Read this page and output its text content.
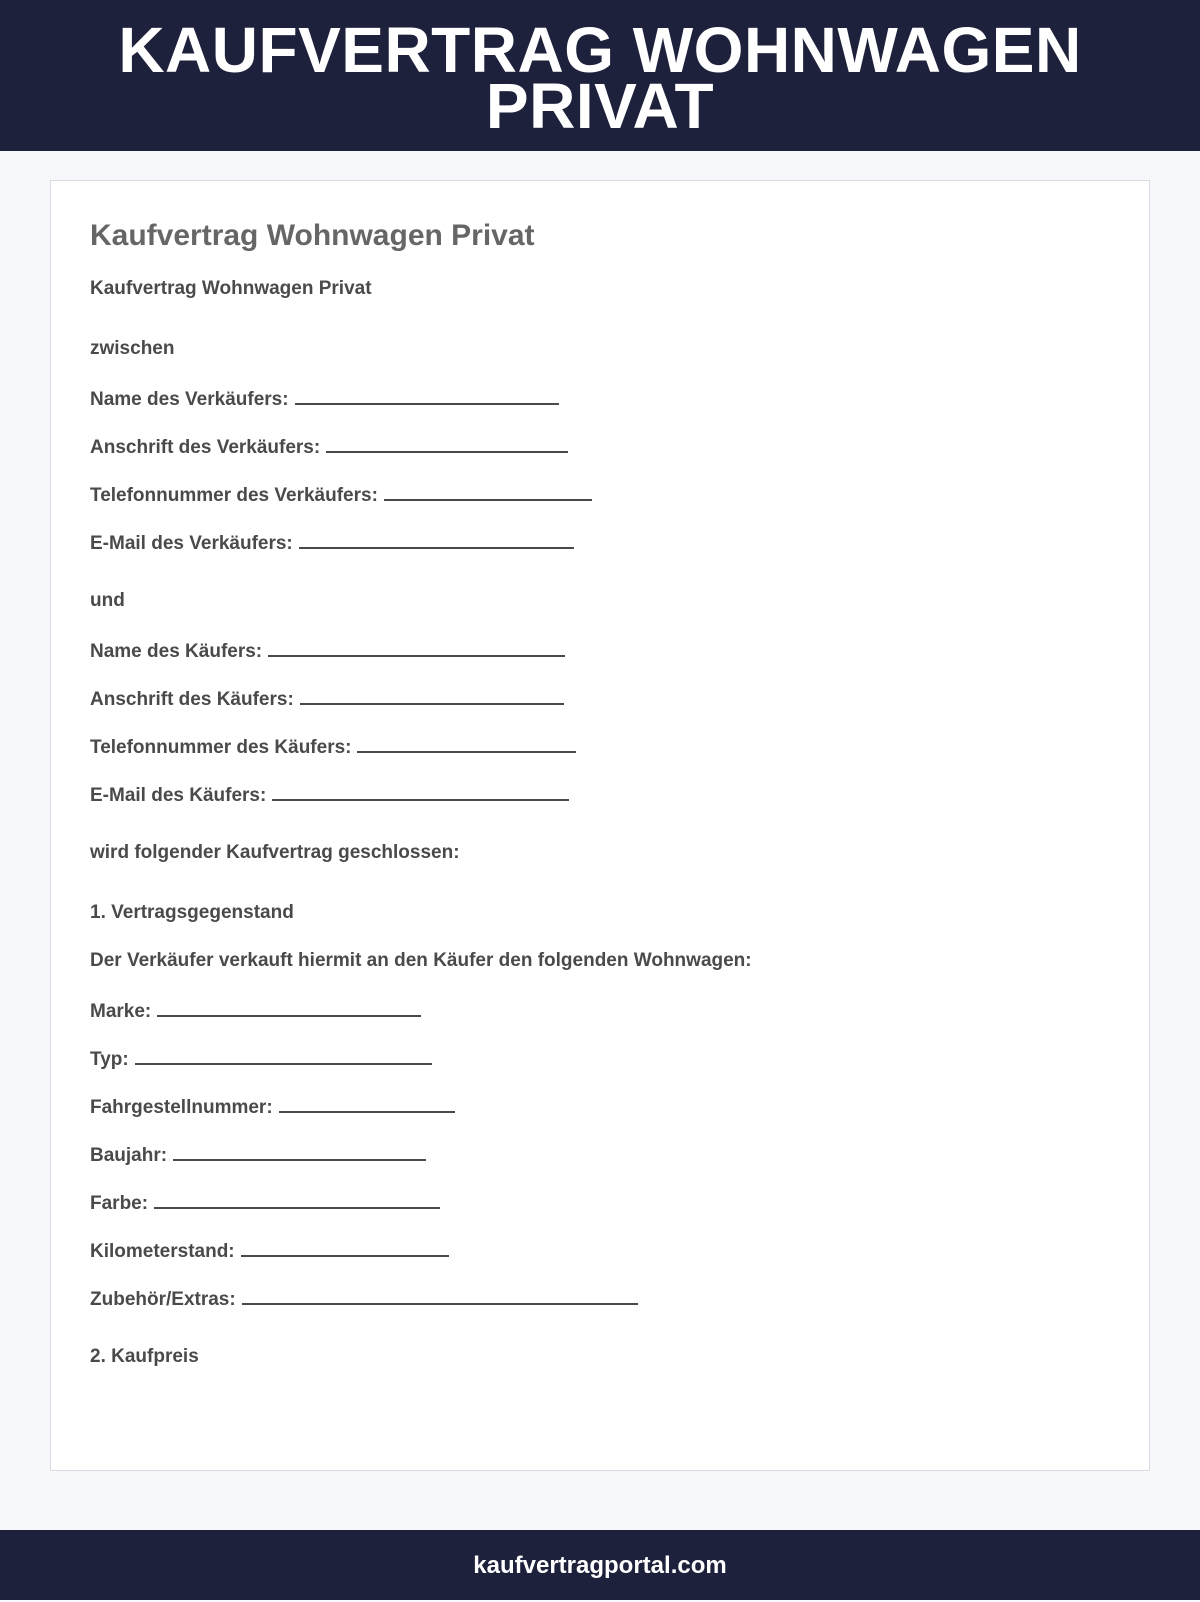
KAUFVERTRAG WOHNWAGEN
PRIVAT
Kaufvertrag Wohnwagen Privat

Kaufvertrag Wohnwagen Privat

zwischen

Name des Verkäufers:

Anschrift des Verkäufers:

Telefonnummer des Verkäufers:

E-Mail des Verkäufers:

und

Name des Käufers:

Anschrift des Käufers:

Telefonnummer des Käufers:

E-Mail des Käufers:

wird folgender Kaufvertrag geschlossen:

1. Vertragsgegenstand

Der Verkäufer verkauft hiermit an den Käufer den folgenden Wohnwagen:

Marke:

Typ:

Fahrgestellnummer:

Baujahr:

Farbe:

Kilometerstand:

Zubehör/Extras:

2. Kaufpreis

kaufvertragportal.com
